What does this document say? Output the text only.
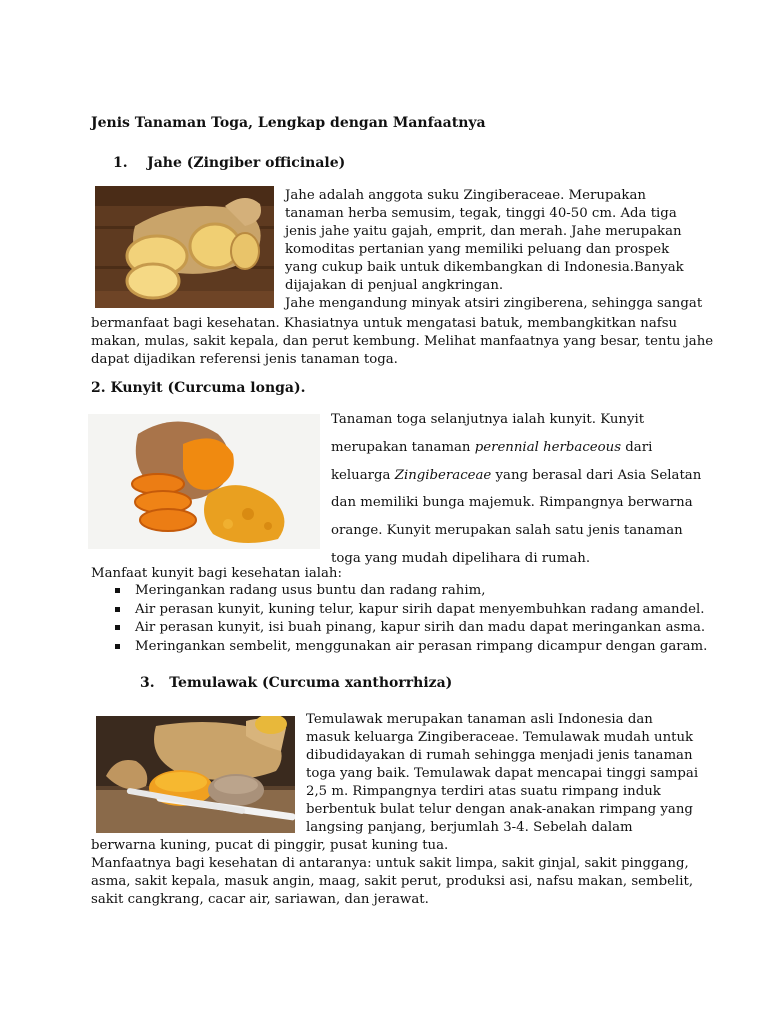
Jenis Tanaman Toga, Lengkap dengan Manfaatnya
1.    Jahe (Zingiber officinale)
Jahe adalah anggota suku Zingiberaceae. Merupakan
tanaman herba semusim, tegak, tinggi 40-50 cm. Ada tiga
jenis jahe yaitu gajah, emprit, dan merah. Jahe merupakan
komoditas pertanian yang memiliki peluang dan prospek
yang cukup baik untuk dikembangkan di Indonesia.Banyak
dijajakan di penjual angkringan.
Jahe mengandung minyak atsiri zingiberena, sehingga sangat
bermanfaat bagi kesehatan. Khasiatnya untuk mengatasi batuk, membangkitkan nafsu
makan, mulas, sakit kepala, dan perut kembung. Melihat manfaatnya yang besar, tentu jahe
dapat dijadikan referensi jenis tanaman toga.
2. Kunyit (Curcuma longa).
Tanaman toga selanjutnya ialah kunyit. Kunyit
merupakan tanaman perennial herbaceous dari
keluarga Zingiberaceae yang berasal dari Asia Selatan
dan memiliki bunga majemuk. Rimpangnya berwarna
orange. Kunyit merupakan salah satu jenis tanaman
toga yang mudah dipelihara di rumah.
Manfaat kunyit bagi kesehatan ialah:
Meringankan radang usus buntu dan radang rahim,
Air perasan kunyit, kuning telur, kapur sirih dapat menyembuhkan radang amandel.
Air perasan kunyit, isi buah pinang, kapur sirih dan madu dapat meringankan asma.
Meringankan sembelit, menggunakan air perasan rimpang dicampur dengan garam.
3.   Temulawak (Curcuma xanthorrhiza)
Temulawak merupakan tanaman asli Indonesia dan
masuk keluarga Zingiberaceae. Temulawak mudah untuk
dibudidayakan di rumah sehingga menjadi jenis tanaman
toga yang baik. Temulawak dapat mencapai tinggi sampai
2,5 m. Rimpangnya terdiri atas suatu rimpang induk
berbentuk bulat telur dengan anak-anakan rimpang yang
langsing panjang, berjumlah 3-4. Sebelah dalam
berwarna kuning, pucat di pinggir, pusat kuning tua.
Manfaatnya bagi kesehatan di antaranya: untuk sakit limpa, sakit ginjal, sakit pinggang,
asma, sakit kepala, masuk angin, maag, sakit perut, produksi asi, nafsu makan, sembelit,
sakit cangkrang, cacar air, sariawan, dan jerawat.
